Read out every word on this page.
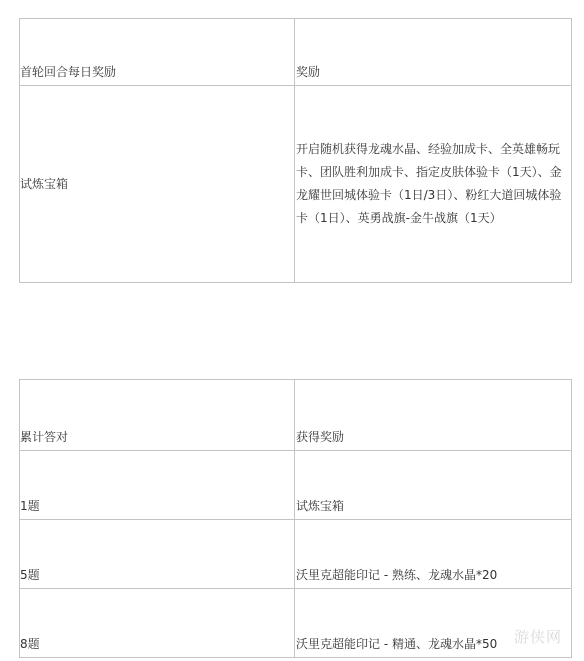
首轮回合每日奖励	奖励
试炼宝箱	开启随机获得龙魂水晶、经验加成卡、全英雄畅玩卡、团队胜利加成卡、指定皮肤体验卡（1天）、金龙耀世回城体验卡（1日/3日）、粉红大道回城体验卡（1日）、英勇战旗-金牛战旗（1天）
累计答对	获得奖励
1题	试炼宝箱
5题	沃里克超能印记 - 熟练、龙魂水晶*20
8题	沃里克超能印记 - 精通、龙魂水晶*50 游侠网
